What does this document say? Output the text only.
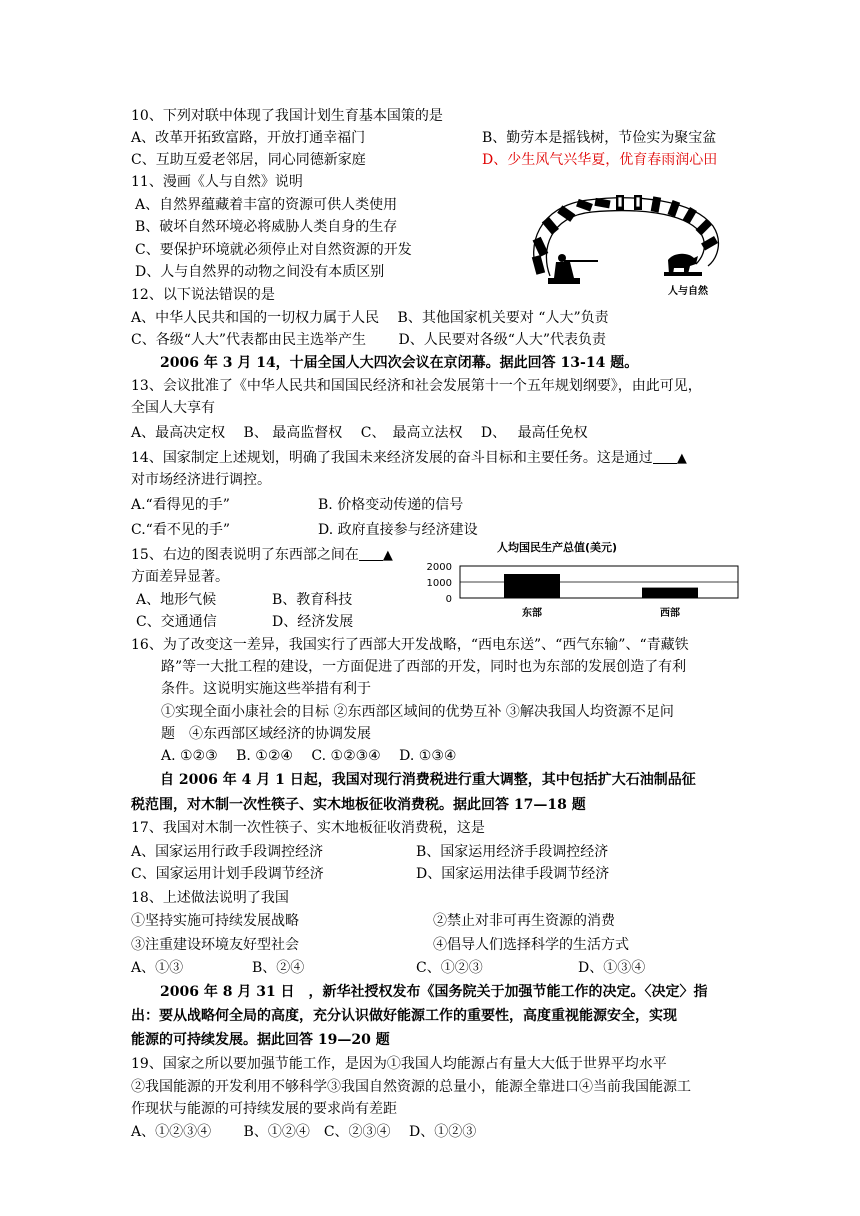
10、下列对联中体现了我国计划生育基本国策的是
A、改革开拓致富路，开放打通幸福门	B、勤劳本是摇钱树，节俭实为聚宝盆
C、互助互爱老邻居，同心同德新家庭	D、少生风气兴华夏，优育春雨润心田
11、漫画《人与自然》说明
A、自然界蕴藏着丰富的资源可供人类使用
B、破坏自然环境必将威胁人类自身的生存
C、要保护环境就必须停止对自然资源的开发
D、人与自然界的动物之间没有本质区别
人与自然
12、以下说法错误的是
A、中华人民共和国的一切权力属于人民　 B、其他国家机关要对 “人大”负责
C、各级“人大”代表都由民主选举产生　　 D、人民要对各级“人大”代表负责
2006 年 3 月 14，十届全国人大四次会议在京闭幕。据此回答 13-14 题。
13、会议批准了《中华人民共和国国民经济和社会发展第十一个五年规划纲要》，由此可见，
全国人大享有
A、最高决定权　 B、 最高监督权　 C、　最高立法权　 D、　 最高任免权
14、国家制定上述规划，明确了我国未来经济发展的奋斗目标和主要任务。这是通过 ▲
对市场经济进行调控。
A.“看得见的手”	B. 价格变动传递的信号
C.“看不见的手”	D. 政府直接参与经济建设
15、右边的图表说明了东西部之间在 ▲
方面差异显著。
A、地形气候	B、教育科技
C、交通通信	D、经济发展
人均国民生产总值(美元)
2000
1000
0
东部	西部
16、为了改变这一差异，我国实行了西部大开发战略，“西电东送”、“西气东输”、“青藏铁
路”等一大批工程的建设，一方面促进了西部的开发，同时也为东部的发展创造了有利
条件。这说明实施这些举措有利于
①实现全面小康社会的目标 ②东西部区域间的优势互补 ③解决我国人均资源不足问
题　④东西部区域经济的协调发展
A. ①②③　 B. ①②④　 C. ①②③④　 D. ①③④
自 2006 年 4 月 1 日起，我国对现行消费税进行重大调整，其中包括扩大石油制品征
税范围，对木制一次性筷子、实木地板征收消费税。据此回答 17—18 题
17、我国对木制一次性筷子、实木地板征收消费税，这是
A、国家运用行政手段调控经济	B、国家运用经济手段调控经济
C、国家运用计划手段调节经济	D、国家运用法律手段调节经济
18、上述做法说明了我国
①坚持实施可持续发展战略	②禁止对非可再生资源的消费
③注重建设环境友好型社会	④倡导人们选择科学的生活方式
A、①③	B、②④	C、①②③	D、①③④
2006 年 8 月 31 日　，新华社授权发布《国务院关于加强节能工作的决定。〈决定〉指
出：要从战略何全局的高度，充分认识做好能源工作的重要性，高度重视能源安全，实现
能源的可持续发展。据此回答 19—20 题
19、国家之所以要加强节能工作，是因为①我国人均能源占有量大大低于世界平均水平
②我国能源的开发利用不够科学③我国自然资源的总量小，能源全靠进口④当前我国能源工
作现状与能源的可持续发展的要求尚有差距
A、①②③④　　 B、①②④　C、②③④　 D、①②③
